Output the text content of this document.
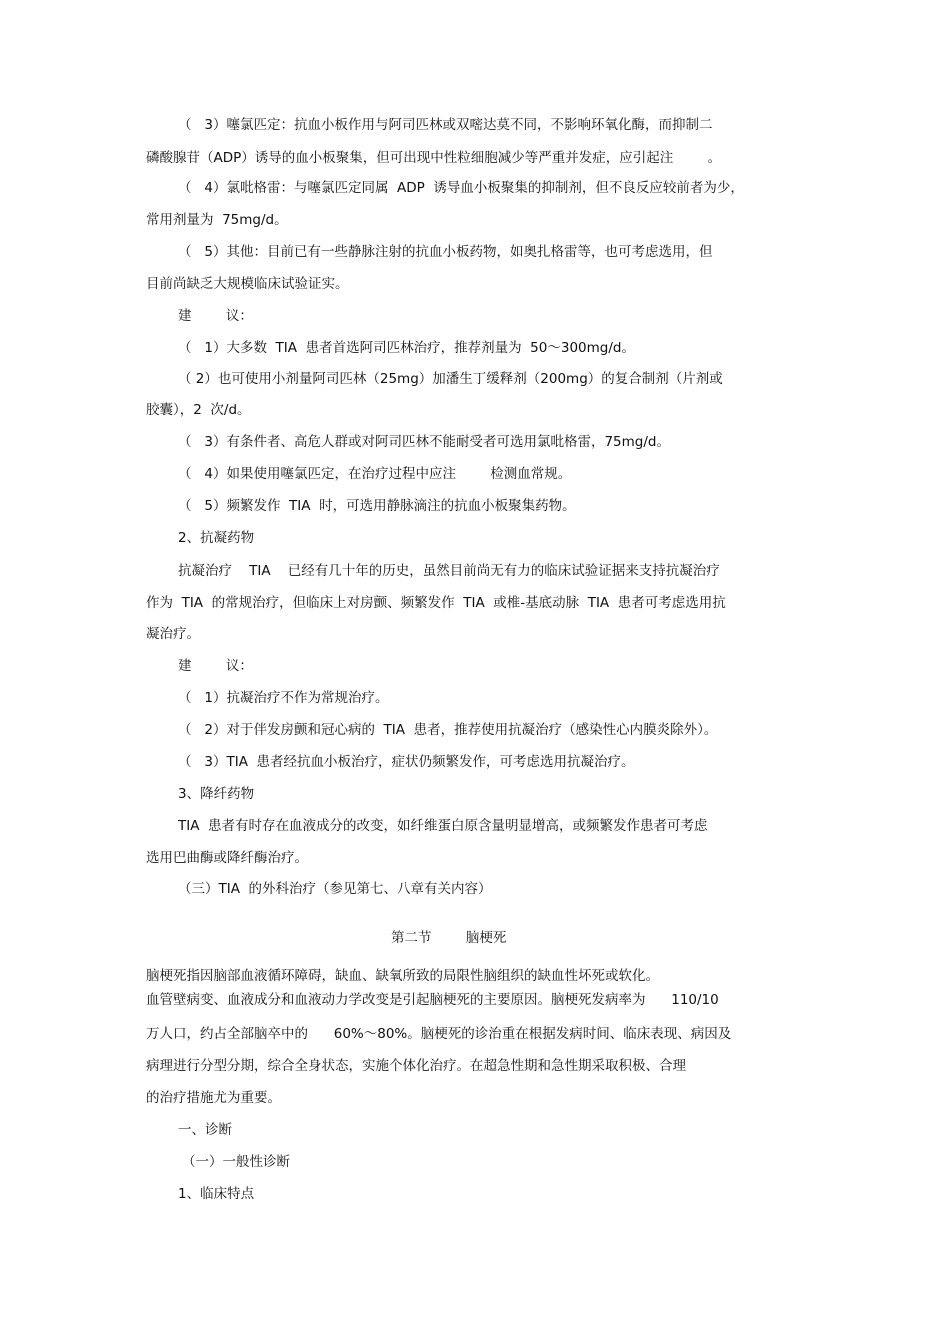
（   3）噻氯匹定：抗血小板作用与阿司匹林或双嘧达莫不同，不影响环氧化酶，而抑制二
磷酸腺苷（ADP）诱导的血小板聚集，但可出现中性粒细胞减少等严重并发症，应引起注        。
（   4）氯吡格雷：与噻氯匹定同属  ADP  诱导血小板聚集的抑制剂，但不良反应较前者为少，
常用剂量为  75mg/d。
（   5）其他：目前已有一些静脉注射的抗血小板药物，如奥扎格雷等，也可考虑选用，但
目前尚缺乏大规模临床试验证实。
建        议：
（   1）大多数  TIA  患者首选阿司匹林治疗，推荐剂量为  50～300mg/d。
（ 2）也可使用小剂量阿司匹林（25mg）加潘生丁缓释剂（200mg）的复合制剂（片剂或
胶囊），2  次/d。
（   3）有条件者、高危人群或对阿司匹林不能耐受者可选用氯吡格雷，75mg/d。
（   4）如果使用噻氯匹定，在治疗过程中应注        检测血常规。
（   5）频繁发作  TIA  时，可选用静脉滴注的抗血小板聚集药物。
2、抗凝药物
抗凝治疗    TIA    已经有几十年的历史，虽然目前尚无有力的临床试验证据来支持抗凝治疗
作为  TIA  的常规治疗，但临床上对房颤、频繁发作  TIA  或椎-基底动脉  TIA  患者可考虑选用抗
凝治疗。
建        议：
（   1）抗凝治疗不作为常规治疗。
（   2）对于伴发房颤和冠心病的  TIA  患者，推荐使用抗凝治疗（感染性心内膜炎除外）。
（   3）TIA  患者经抗血小板治疗，症状仍频繁发作，可考虑选用抗凝治疗。
3、降纤药物
TIA  患者有时存在血液成分的改变，如纤维蛋白原含量明显增高，或频繁发作患者可考虑
选用巴曲酶或降纤酶治疗。
（三）TIA  的外科治疗（参见第七、八章有关内容）
第二节        脑梗死
脑梗死指因脑部血液循环障碍，缺血、缺氧所致的局限性脑组织的缺血性坏死或软化。
血管壁病变、血液成分和血液动力学改变是引起脑梗死的主要原因。脑梗死发病率为      110/10
万人口，约占全部脑卒中的      60%～80%。脑梗死的诊治重在根据发病时间、临床表现、病因及
病理进行分型分期，综合全身状态，实施个体化治疗。在超急性期和急性期采取积极、合理
的治疗措施尤为重要。
一、诊断
（一）一般性诊断
1、临床特点
